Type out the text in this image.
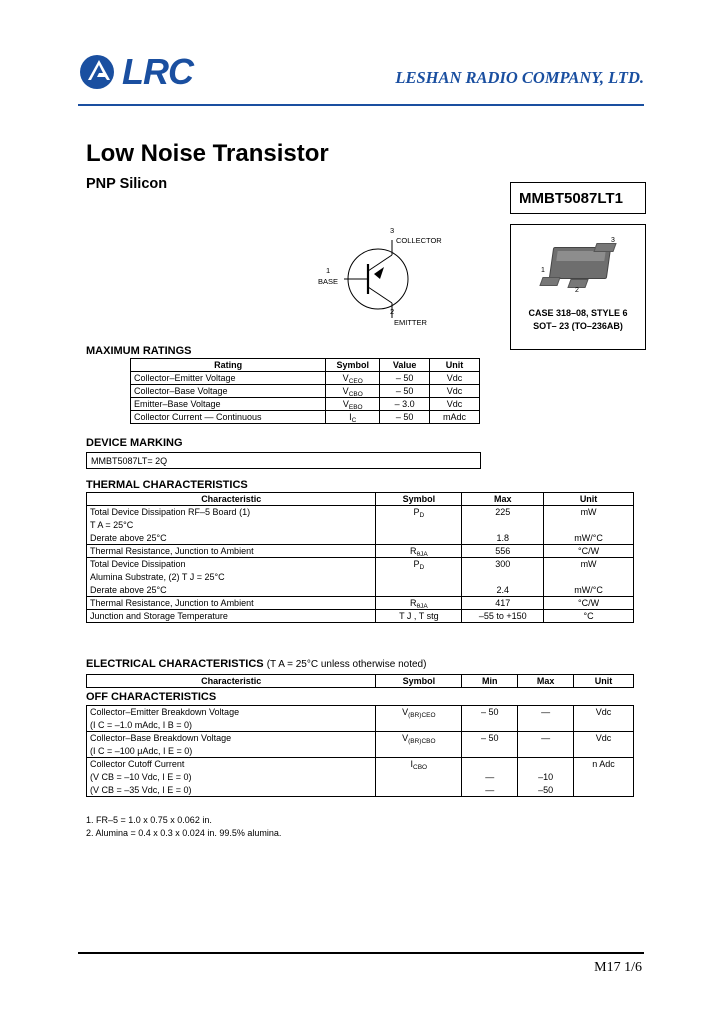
LRC	LESHAN RADIO COMPANY, LTD.
Low Noise Transistor
PNP Silicon
MMBT5087LT1
1
2
3
CASE 318–08, STYLE 6
SOT– 23 (TO–236AB)
3
COLLECTOR
1
BASE
2
EMITTER
MAXIMUM RATINGS
Rating	Symbol	Value	Unit
Collector–Emitter Voltage	$V_{CEO}$	– 50	Vdc
Collector–Base Voltage	$V_{CBO}$	– 50	Vdc
Emitter–Base Voltage	$V_{EBO}$	– 3.0	Vdc
Collector Current — Continuous	$I_C$	– 50	mAdc
DEVICE MARKING
MMBT5087LT= 2Q
THERMAL CHARACTERISTICS
Characteristic	Symbol	Max	Unit
Total Device Dissipation RF–5 Board (1)	$P_D$	225	mW
T A = 25°C			
Derate above 25°C		1.8	mW/°C
Thermal Resistance, Junction to Ambient	$R_{\theta JA}$	556	°C/W
Total Device Dissipation	$P_D$	300	mW
Alumina Substrate, (2) T J = 25°C			
Derate above 25°C		2.4	mW/°C
Thermal Resistance, Junction to Ambient	$R_{\theta JA}$	417	°C/W
Junction and Storage Temperature	T J , T stg	–55 to +150	°C
ELECTRICAL CHARACTERISTICS (T A = 25°C unless otherwise noted)
Characteristic	Symbol	Min	Max	Unit
OFF CHARACTERISTICS
Collector–Emitter Breakdown Voltage	$V_{(BR)CEO}$	– 50	—	Vdc
(I C = –1.0 mAdc, I B = 0)				
Collector–Base Breakdown Voltage	$V_{(BR)CBO}$	– 50	—	Vdc
(I C = –100 μAdc, I E = 0)				
Collector Cutoff Current	$I_{CBO}$			n Adc
(V CB = –10 Vdc, I E = 0)		—	–10	
(V CB = –35 Vdc, I E = 0)		—	–50	
1. FR–5 = 1.0 x 0.75 x 0.062 in.
2. Alumina = 0.4 x 0.3 x 0.024 in. 99.5% alumina.
M17 1/6
